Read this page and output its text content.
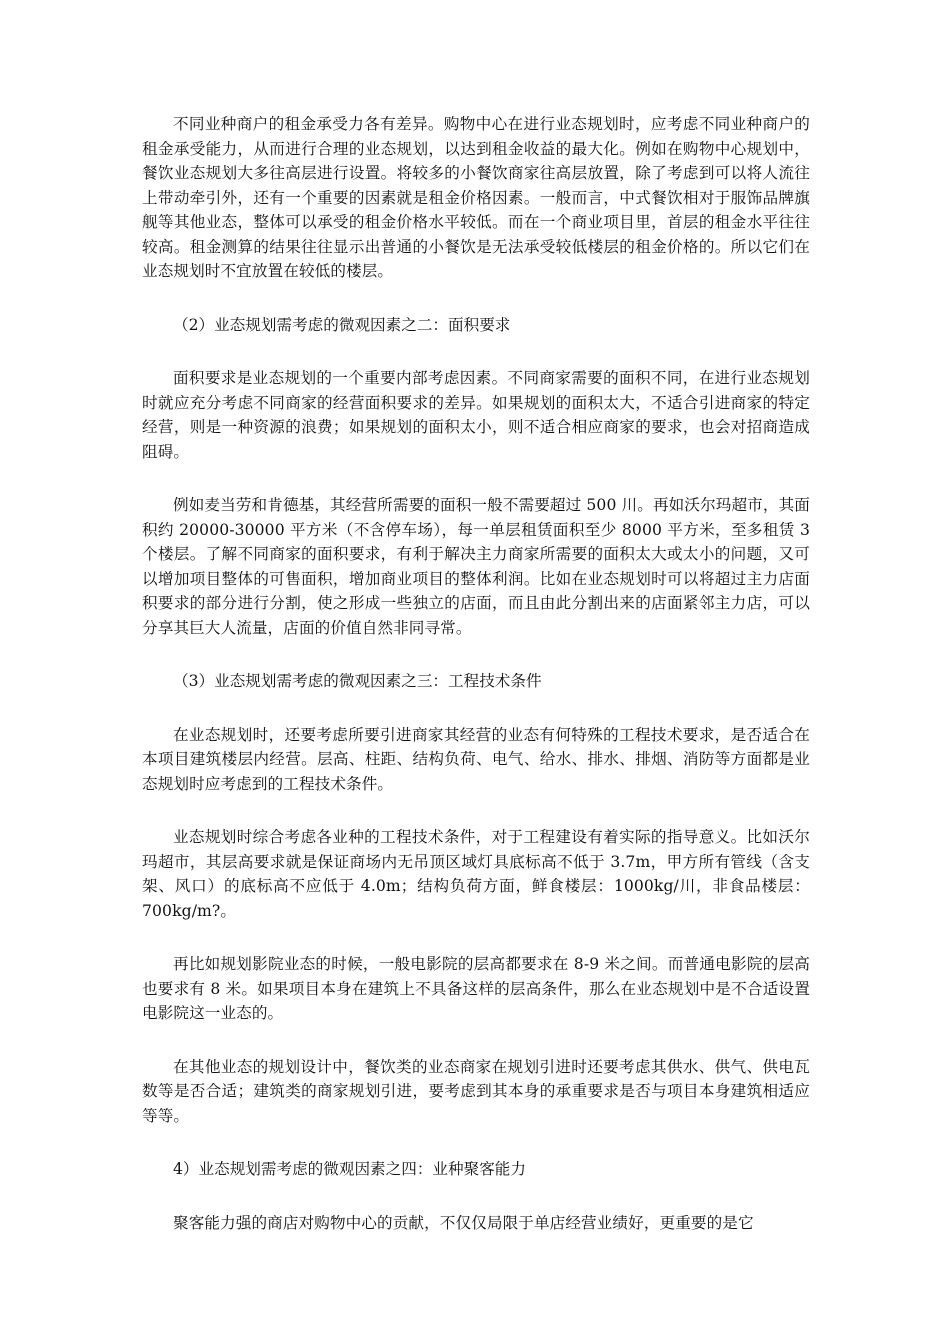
不同业种商户的租金承受力各有差异。购物中心在进行业态规划时，应考虑不同业种商户的租金承受能力，从而进行合理的业态规划，以达到租金收益的最大化。例如在购物中心规划中，餐饮业态规划大多往高层进行设置。将较多的小餐饮商家往高层放置，除了考虑到可以将人流往上带动牵引外，还有一个重要的因素就是租金价格因素。一般而言，中式餐饮相对于服饰品牌旗舰等其他业态，整体可以承受的租金价格水平较低。而在一个商业项目里，首层的租金水平往往较高。租金测算的结果往往显示出普通的小餐饮是无法承受较低楼层的租金价格的。所以它们在业态规划时不宜放置在较低的楼层。

（2）业态规划需考虑的微观因素之二：面积要求

面积要求是业态规划的一个重要内部考虑因素。不同商家需要的面积不同，在进行业态规划时就应充分考虑不同商家的经营面积要求的差异。如果规划的面积太大，不适合引进商家的特定经营，则是一种资源的浪费；如果规划的面积太小，则不适合相应商家的要求，也会对招商造成阻碍。

例如麦当劳和肯德基，其经营所需要的面积一般不需要超过 500 川。再如沃尔玛超市，其面积约 20000-30000 平方米（不含停车场），每一单层租赁面积至少 8000 平方米，至多租赁 3 个楼层。了解不同商家的面积要求，有利于解决主力商家所需要的面积太大或太小的问题，又可以增加项目整体的可售面积，增加商业项目的整体利润。比如在业态规划时可以将超过主力店面积要求的部分进行分割，使之形成一些独立的店面，而且由此分割出来的店面紧邻主力店，可以分享其巨大人流量，店面的价值自然非同寻常。

（3）业态规划需考虑的微观因素之三：工程技术条件

在业态规划时，还要考虑所要引进商家其经营的业态有何特殊的工程技术要求，是否适合在本项目建筑楼层内经营。层高、柱距、结构负荷、电气、给水、排水、排烟、消防等方面都是业态规划时应考虑到的工程技术条件。

业态规划时综合考虑各业种的工程技术条件，对于工程建设有着实际的指导意义。比如沃尔玛超市，其层高要求就是保证商场内无吊顶区域灯具底标高不低于 3.7m，甲方所有管线（含支架、风口）的底标高不应低于 4.0m；结构负荷方面，鲜食楼层：1000kg/川，非食品楼层：700kg/m?。

再比如规划影院业态的时候，一般电影院的层高都要求在 8-9 米之间。而普通电影院的层高也要求有 8 米。如果项目本身在建筑上不具备这样的层高条件，那么在业态规划中是不合适设置电影院这一业态的。

在其他业态的规划设计中，餐饮类的业态商家在规划引进时还要考虑其供水、供气、供电瓦数等是否合适；建筑类的商家规划引进，要考虑到其本身的承重要求是否与项目本身建筑相适应等等。

4）业态规划需考虑的微观因素之四：业种聚客能力

聚客能力强的商店对购物中心的贡献，不仅仅局限于单店经营业绩好，更重要的是它
